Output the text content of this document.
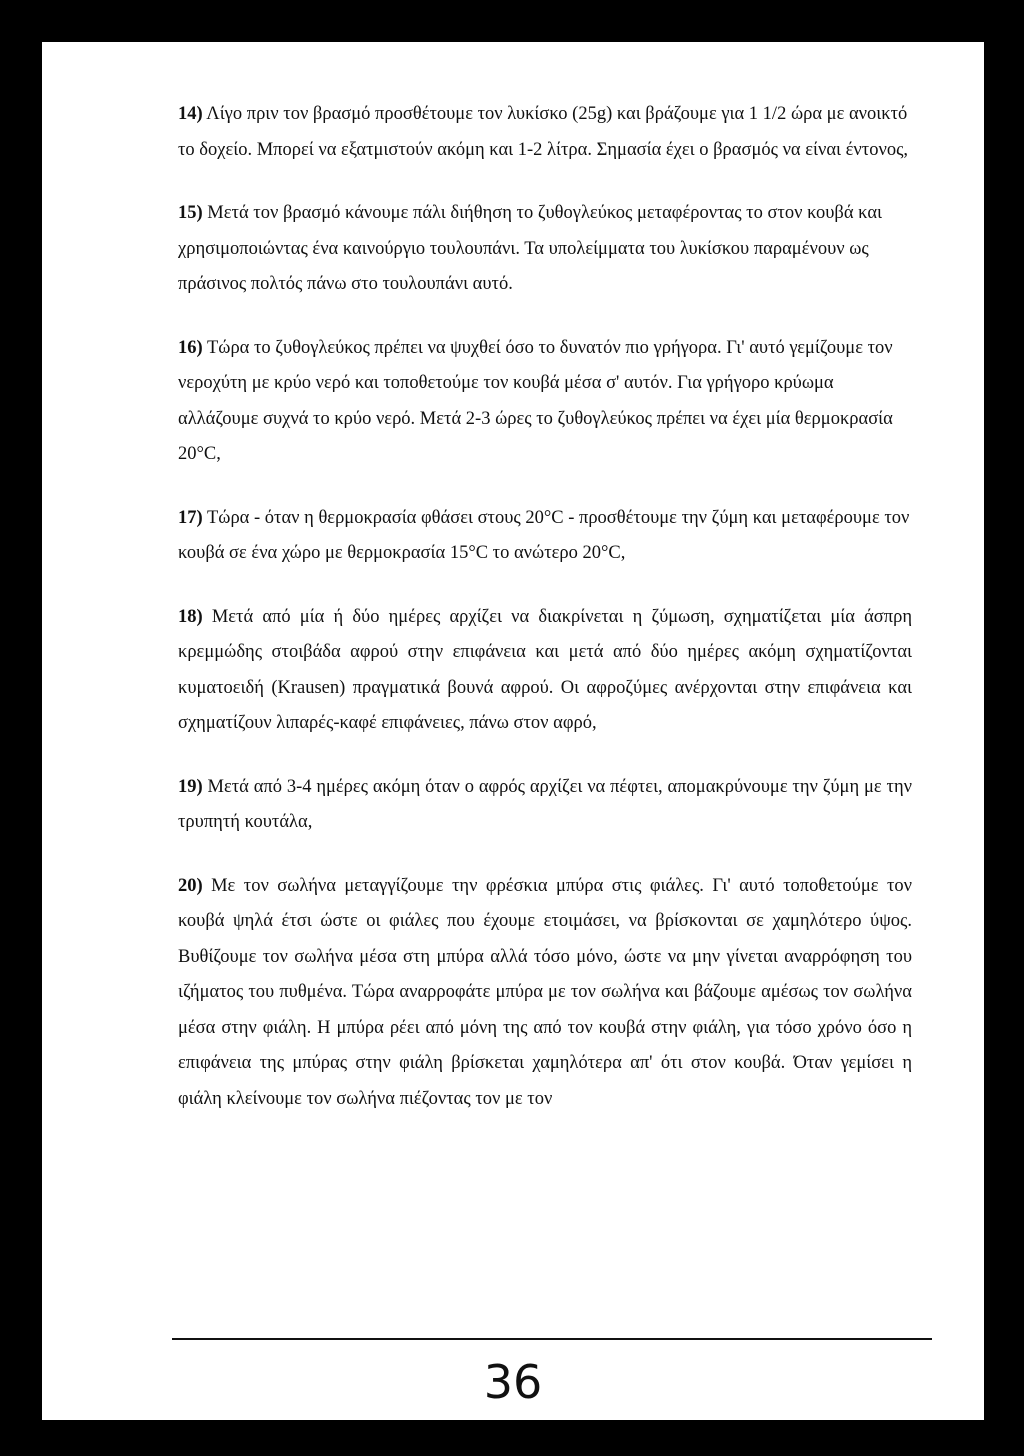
14) Λίγο πριν τον βρασμό προσθέτουμε τον λυκίσκο (25g) και βράζουμε για 1 1/2 ώρα με ανοικτό το δοχείο. Μπορεί να εξατμιστούν ακόμη και 1-2 λίτρα. Σημασία έχει ο βρασμός να είναι έντονος,

15) Μετά τον βρασμό κάνουμε πάλι διήθηση το ζυθογλεύκος μεταφέροντας το στον κουβά και χρησιμοποιώντας ένα καινούργιο τουλουπάνι. Τα υπολείμματα του λυκίσκου παραμένουν ως πράσινος πολτός πάνω στο τουλουπάνι αυτό.

16) Τώρα το ζυθογλεύκος πρέπει να ψυχθεί όσο το δυνατόν πιο γρήγορα. Γι' αυτό γεμίζουμε τον νεροχύτη με κρύο νερό και τοποθετούμε τον κουβά μέσα σ' αυτόν. Για γρήγορο κρύωμα αλλάζουμε συχνά το κρύο νερό. Μετά 2-3 ώρες το ζυθογλεύκος πρέπει να έχει μία θερμοκρασία 20°C,

17) Τώρα - όταν η θερμοκρασία φθάσει στους 20°C - προσθέτουμε την ζύμη και μεταφέρουμε τον κουβά σε ένα χώρο με θερμοκρασία 15°C το ανώτερο 20°C,

18) Μετά από μία ή δύο ημέρες αρχίζει να διακρίνεται η ζύμωση, σχηματίζεται μία άσπρη κρεμμώδης στοιβάδα αφρού στην επιφάνεια και μετά από δύο ημέρες ακόμη σχηματίζονται κυματοειδή (Krausen) πραγματικά βουνά αφρού. Οι αφροζύμες ανέρχονται στην επιφάνεια και σχηματίζουν λιπαρές-καφέ επιφάνειες, πάνω στον αφρό,

19) Μετά από 3-4 ημέρες ακόμη όταν ο αφρός αρχίζει να πέφτει, απομακρύνουμε την ζύμη με την τρυπητή κουτάλα,

20) Με τον σωλήνα μεταγγίζουμε την φρέσκια μπύρα στις φιάλες. Γι' αυτό τοποθετούμε τον κουβά ψηλά έτσι ώστε οι φιάλες που έχουμε ετοιμάσει, να βρίσκονται σε χαμηλότερο ύψος. Βυθίζουμε τον σωλήνα μέσα στη μπύρα αλλά τόσο μόνο, ώστε να μην γίνεται αναρρόφηση του ιζήματος του πυθμένα. Τώρα αναρροφάτε μπύρα με τον σωλήνα και βάζουμε αμέσως τον σωλήνα μέσα στην φιάλη. Η μπύρα ρέει από μόνη της από τον κουβά στην φιάλη, για τόσο χρόνο όσο η επιφάνεια της μπύρας στην φιάλη βρίσκεται χαμηλότερα απ' ότι στον κουβά. Όταν γεμίσει η φιάλη κλείνουμε τον σωλήνα πιέζοντας τον με τον

36
